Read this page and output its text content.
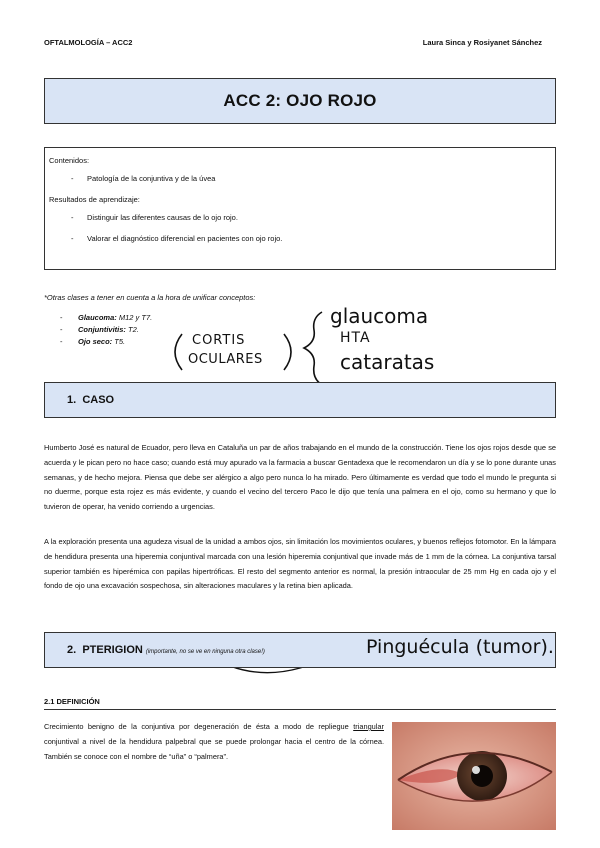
OFTALMOLOGÍA – ACC2	Laura Sinca y Rosiyanet Sánchez
ACC 2: OJO ROJO
Contenidos:
- Patología de la conjuntiva y de la úvea
Resultados de aprendizaje:
- Distinguir las diferentes causas de lo ojo rojo.
- Valorar el diagnóstico diferencial en pacientes con ojo rojo.
*Otras clases a tener en cuenta a la hora de unificar conceptos:
- Glaucoma: M12 y T7.
- Conjuntivitis: T2.
- Ojo seco: T5.	CORTIS
OCULARES
glaucoma
HTA
cataratas
1.
CASO
Humberto José es natural de Ecuador, pero lleva en Cataluña un par de años trabajando en el mundo de la construcción. Tiene los ojos rojos desde que se acuerda y le pican pero no hace caso; cuando está muy apurado va la farmacia a buscar Gentadexa que le recomendaron un día y se lo pone durante unas semanas, y de hecho mejora. Piensa que debe ser alérgico a algo pero nunca lo ha mirado. Pero últimamente es verdad que todo el mundo le pregunta si no duerme, porque esta rojez es más evidente, y cuando el vecino del tercero Paco le dijo que tenía una palmera en el ojo, como su hermano y que lo tuvieron de operar, ha venido corriendo a urgencias.
A la exploración presenta una agudeza visual de la unidad a ambos ojos, sin limitación los movimientos oculares, y buenos reflejos fotomotor. En la lámpara de hendidura presenta una hiperemia conjuntival marcada con una lesión hiperemia conjuntival que invade más de 1 mm de la córnea. La conjuntiva tarsal superior también es hiperémica con papilas hipertróficas. El resto del segmento anterior es normal, la presión intraocular de 25 mm Hg en cada ojo y el fondo de ojo una excavación sospechosa, sin alteraciones maculares y la retina bien aplicada.
2.
PTERIGION (importante, no se ve en ninguna otra clase!)	Pinguécula (tumor).
2.1 DEFINICIÓN
Crecimiento benigno de la conjuntiva por degeneración de ésta a modo de repliegue triangular conjuntival a nivel de la hendidura palpebral que se puede prolongar hacia el centro de la córnea. También se conoce con el nombre de “uña” o “palmera”.
